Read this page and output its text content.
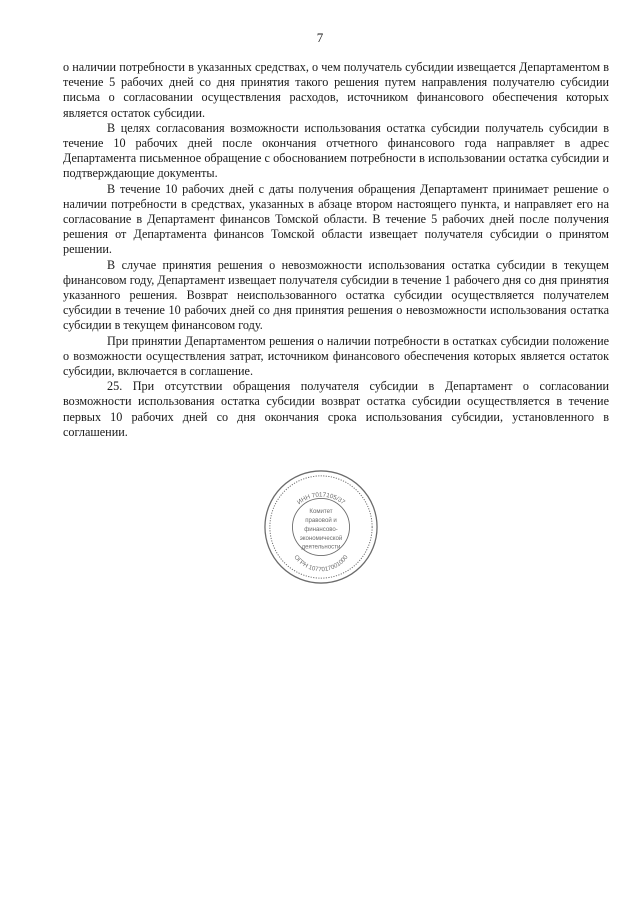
7

о наличии потребности в указанных средствах, о чем получатель субсидии извещается Департаментом в течение 5 рабочих дней со дня принятия такого решения путем направления получателю субсидии письма о согласовании осуществления расходов, источником финансового обеспечения которых является остаток субсидии.

В целях согласования возможности использования остатка субсидии получатель субсидии в течение 10 рабочих дней после окончания отчетного финансового года направляет в адрес Департамента письменное обращение с обоснованием потребности в использовании остатка субсидии и подтверждающие документы.

В течение 10 рабочих дней с даты получения обращения Департамент принимает решение о наличии потребности в средствах, указанных в абзаце втором настоящего пункта, и направляет его на согласование в Департамент финансов Томской области. В течение 5 рабочих дней после получения решения от Департамента финансов Томской области извещает получателя субсидии о принятом решении.

В случае принятия решения о невозможности использования остатка субсидии в текущем финансовом году, Департамент извещает получателя субсидии в течение 1 рабочего дня со дня принятия указанного решения. Возврат неиспользованного остатка субсидии осуществляется получателем субсидии в течение 10 рабочих дней со дня принятия решения о невозможности использования остатка субсидии в текущем финансовом году.

При принятии Департаментом решения о наличии потребности в остатках субсидии положение о возможности осуществления затрат, источником финансового обеспечения которых является остаток субсидии, включается в соглашение.

25. При отсутствии обращения получателя субсидии в Департамент о согласовании возможности использования остатка субсидии возврат остатка субсидии осуществляется в течение первых 10 рабочих дней со дня окончания срока использования субсидии, установленного в соглашении.

ИНН 7017105/37
ОГРН 1077017001000
Комитет
правовой и
финансово-
экономической
деятельности
